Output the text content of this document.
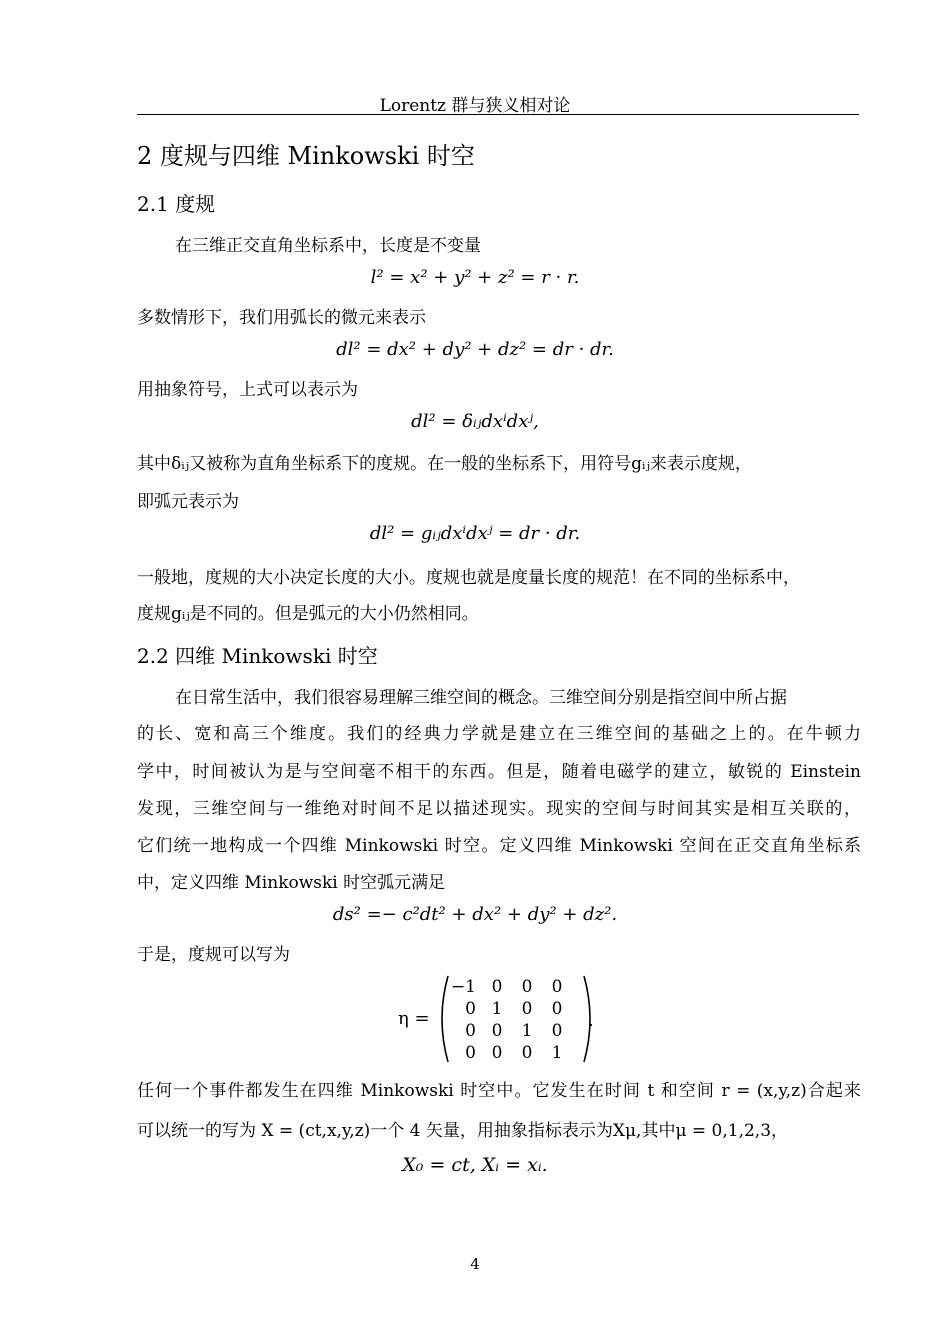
Lorentz 群与狭义相对论
2 度规与四维 Minkowski 时空
2.1 度规
在三维正交直角坐标系中，长度是不变量
l² = x² + y² + z² = r · r.
多数情形下，我们用弧长的微元来表示
dl² = dx² + dy² + dz² = dr · dr.
用抽象符号，上式可以表示为
dl² = δᵢⱼdxⁱdxʲ,
其中δᵢⱼ又被称为直角坐标系下的度规。在一般的坐标系下，用符号gᵢⱼ来表示度规，
即弧元表示为
dl² = gᵢⱼdxⁱdxʲ = dr · dr.
一般地，度规的大小决定长度的大小。度规也就是度量长度的规范！在不同的坐标系中，
度规gᵢⱼ是不同的。但是弧元的大小仍然相同。
2.2 四维 Minkowski 时空
在日常生活中，我们很容易理解三维空间的概念。三维空间分别是指空间中所占据
的长、宽和高三个维度。我们的经典力学就是建立在三维空间的基础之上的。在牛顿力
学中，时间被认为是与空间毫不相干的东西。但是，随着电磁学的建立，敏锐的 Einstein
发现，三维空间与一维绝对时间不足以描述现实。现实的空间与时间其实是相互关联的，
它们统一地构成一个四维 Minkowski 时空。定义四维 Minkowski 空间在正交直角坐标系
中，定义四维 Minkowski 时空弧元满足
ds² =− c²dt² + dx² + dy² + dz².
于是，度规可以写为
η =
−1	0	0	0
0	1	0	0
0	0	1	0
0	0	0	1
.
任何一个事件都发生在四维 Minkowski 时空中。它发生在时间 t 和空间 r = (x,y,z)合起来
可以统一的写为 X = (ct,x,y,z)一个 4 矢量，用抽象指标表示为Xμ,其中μ = 0,1,2,3，
X₀ = ct, Xᵢ = xᵢ.
4
